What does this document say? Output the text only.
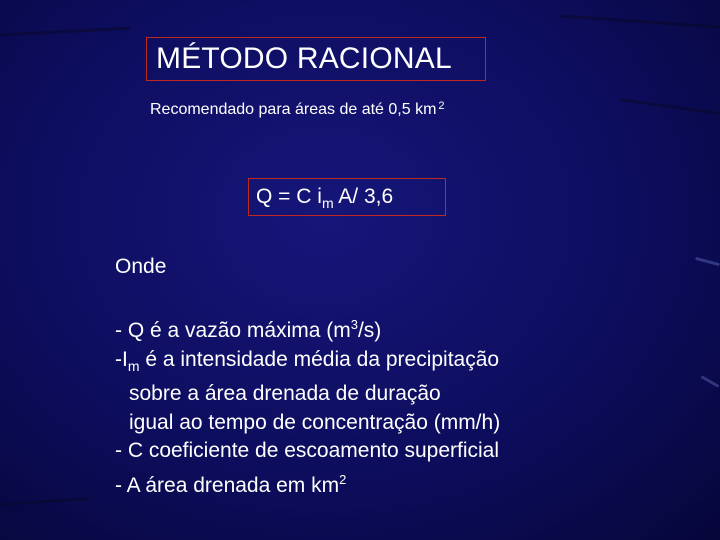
MÉTODO RACIONAL
Recomendado para áreas de até 0,5 km $^2$
Q = C $i_m$ A/ 3,6
Onde
- Q é a vazão máxima $(m^3/s)$
$-I_m$ é a intensidade média da precipitação
sobre a área drenada de duração
igual ao tempo de concentração (mm/h)
- C coeficiente de escoamento superficial
- A área drenada em $km^2$
